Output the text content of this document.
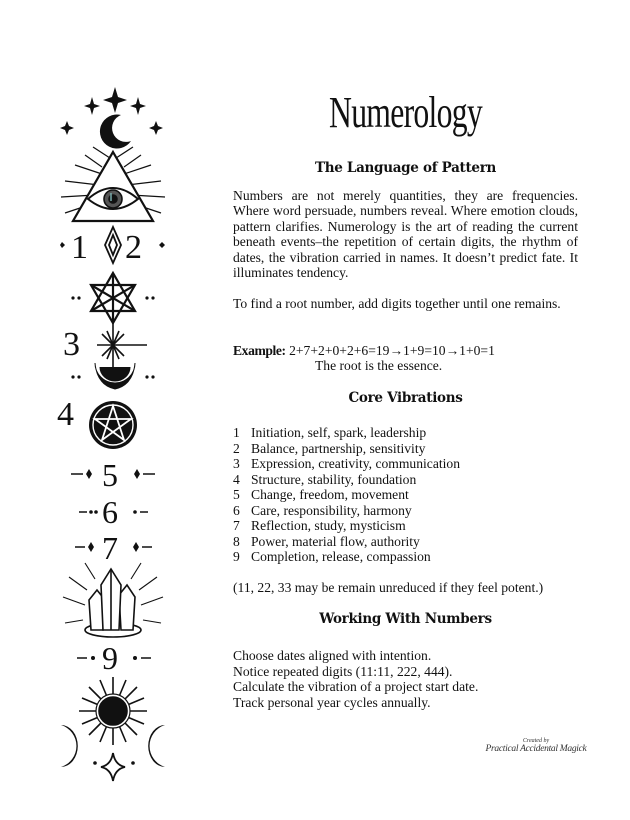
1 2
3
4
5
6
7
9
Numerology
The Language of Pattern
Numbers are not merely quantities, they are frequencies. Where word persuade, numbers reveal. Where emotion clouds, pattern clarifies. Numerology is the art of reading the current beneath events–the repetition of certain digits, the rhythm of dates, the vibration carried in names. It doesn’t predict fate. It illuminates tendency.
To find a root number, add digits together until one remains.
Example: 2+7+2+0+2+6=19→1+9=10→1+0=1
The root is the essence.
Core Vibrations
1 Initiation, self, spark, leadership
2 Balance, partnership, sensitivity
3 Expression, creativity, communication
4 Structure, stability, foundation
5 Change, freedom, movement
6 Care, responsibility, harmony
7 Reflection, study, mysticism
8 Power, material flow, authority
9 Completion, release, compassion
(11, 22, 33 may be remain unreduced if they feel potent.)
Working With Numbers
Choose dates aligned with intention.
Notice repeated digits (11:11, 222, 444).
Calculate the vibration of a project start date.
Track personal year cycles annually.
Created by
Practical Accidental Magick
